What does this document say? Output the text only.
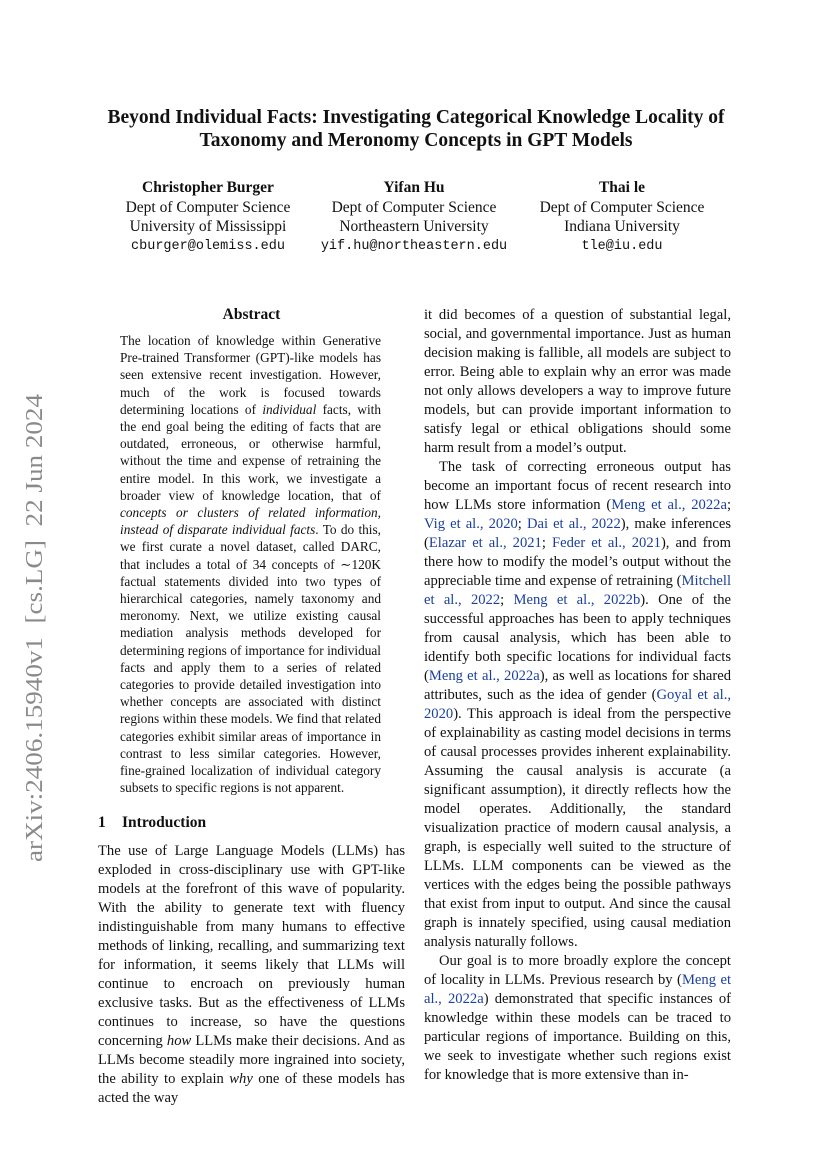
arXiv:2406.15940v1  [cs.LG]  22 Jun 2024
Beyond Individual Facts: Investigating Categorical Knowledge Locality of
Taxonomy and Meronomy Concepts in GPT Models
Christopher Burger
Dept of Computer Science
University of Mississippi
cburger@olemiss.edu
Yifan Hu
Dept of Computer Science
Northeastern University
yif.hu@northeastern.edu
Thai le
Dept of Computer Science
Indiana University
tle@iu.edu
Abstract

The location of knowledge within Generative Pre-trained Transformer (GPT)-like models has seen extensive recent investigation. However, much of the work is focused towards determining locations of individual facts, with the end goal being the editing of facts that are outdated, erroneous, or otherwise harmful, without the time and expense of retraining the entire model. In this work, we investigate a broader view of knowledge location, that of concepts or clusters of related information, instead of disparate individual facts. To do this, we first curate a novel dataset, called DARC, that includes a total of 34 concepts of ∼120K factual statements divided into two types of hierarchical categories, namely taxonomy and meronomy. Next, we utilize existing causal mediation analysis methods developed for determining regions of importance for individual facts and apply them to a series of related categories to provide detailed investigation into whether concepts are associated with distinct regions within these models. We find that related categories exhibit similar areas of importance in contrast to less similar categories. However, fine-grained localization of individual category subsets to specific regions is not apparent.

1 Introduction

The use of Large Language Models (LLMs) has exploded in cross-disciplinary use with GPT-like models at the forefront of this wave of popularity. With the ability to generate text with fluency indistinguishable from many humans to effective methods of linking, recalling, and summarizing text for information, it seems likely that LLMs will continue to encroach on previously human exclusive tasks. But as the effectiveness of LLMs continues to increase, so have the questions concerning how LLMs make their decisions. And as LLMs become steadily more ingrained into society, the ability to explain why one of these models has acted the way

it did becomes of a question of substantial legal, social, and governmental importance. Just as human decision making is fallible, all models are subject to error. Being able to explain why an error was made not only allows developers a way to improve future models, but can provide important information to satisfy legal or ethical obligations should some harm result from a model’s output.

The task of correcting erroneous output has become an important focus of recent research into how LLMs store information (Meng et al., 2022a; Vig et al., 2020; Dai et al., 2022), make inferences (Elazar et al., 2021; Feder et al., 2021), and from there how to modify the model’s output without the appreciable time and expense of retraining (Mitchell et al., 2022; Meng et al., 2022b). One of the successful approaches has been to apply techniques from causal analysis, which has been able to identify both specific locations for individual facts (Meng et al., 2022a), as well as locations for shared attributes, such as the idea of gender (Goyal et al., 2020). This approach is ideal from the perspective of explainability as casting model decisions in terms of causal processes provides inherent explainability. Assuming the causal analysis is accurate (a significant assumption), it directly reflects how the model operates. Additionally, the standard visualization practice of modern causal analysis, a graph, is especially well suited to the structure of LLMs. LLM components can be viewed as the vertices with the edges being the possible pathways that exist from input to output. And since the causal graph is innately specified, using causal mediation analysis naturally follows.

Our goal is to more broadly explore the concept of locality in LLMs. Previous research by (Meng et al., 2022a) demonstrated that specific instances of knowledge within these models can be traced to particular regions of importance. Building on this, we seek to investigate whether such regions exist for knowledge that is more extensive than in-
